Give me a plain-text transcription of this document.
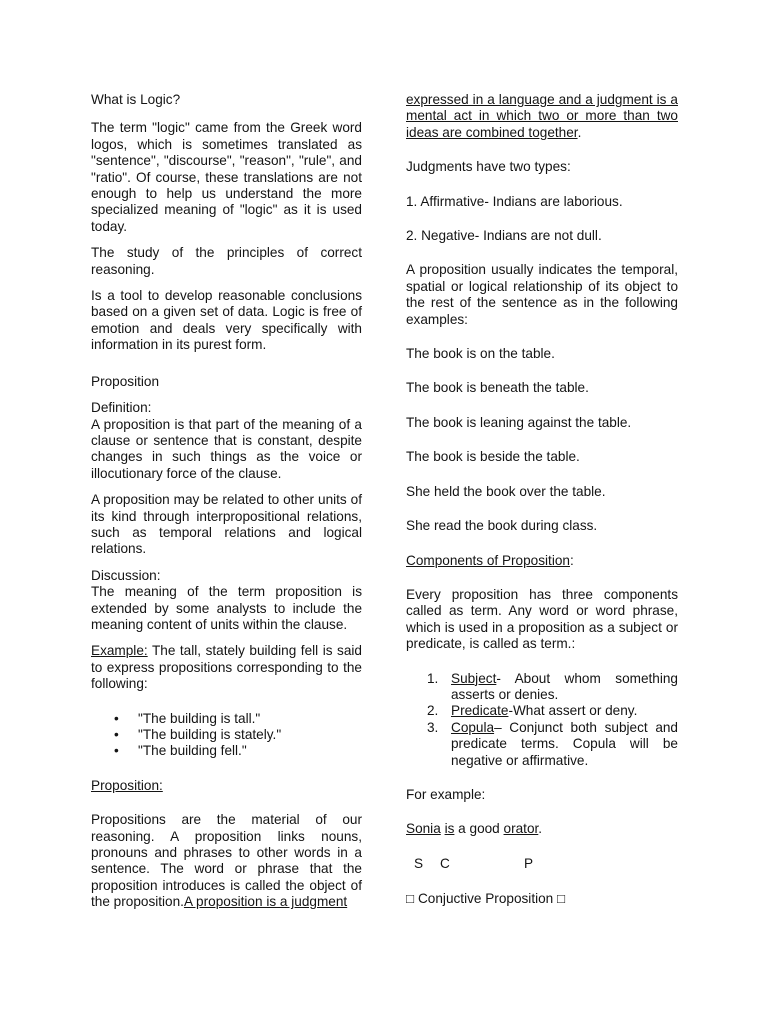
What is Logic?

The term "logic" came from the Greek word logos, which is sometimes translated as "sentence", "discourse", "reason", "rule", and "ratio". Of course, these translations are not enough to help us understand the more specialized meaning of "logic" as it is used today.

The study of the principles of correct reasoning.

Is a tool to develop reasonable conclusions based on a given set of data. Logic is free of emotion and deals very specifically with information in its purest form.

Proposition

Definition:

A proposition is that part of the meaning of a clause or sentence that is constant, despite changes in such things as the voice or illocutionary force of the clause.

A proposition may be related to other units of its kind through interpropositional relations, such as temporal relations and logical relations.

Discussion:

The meaning of the term proposition is extended by some analysts to include the meaning content of units within the clause.

Example: The tall, stately building fell is said to express propositions corresponding to the following:

• "The building is tall."
• "The building is stately."
• "The building fell."

Proposition:

Propositions are the material of our reasoning. A proposition links nouns, pronouns and phrases to other words in a sentence. The word or phrase that the proposition introduces is called the object of the proposition.A proposition is a judgment

expressed in a language and a judgment is a mental act in which two or more than two ideas are combined together.

Judgments have two types:

1. Affirmative- Indians are laborious.

2. Negative- Indians are not dull.

A proposition usually indicates the temporal, spatial or logical relationship of its object to the rest of the sentence as in the following examples:

The book is on the table.

The book is beneath the table.

The book is leaning against the table.

The book is beside the table.

She held the book over the table.

She read the book during class.

Components of Proposition:

Every proposition has three components called as term. Any word or word phrase, which is used in a proposition as a subject or predicate, is called as term.:

1. Subject- About whom something asserts or denies.
2. Predicate-What assert or deny.
3. Copula– Conjunct both subject and predicate terms. Copula will be negative or affirmative.

For example:

Sonia is a good orator.

S C	P

□ Conjuctive Proposition □
